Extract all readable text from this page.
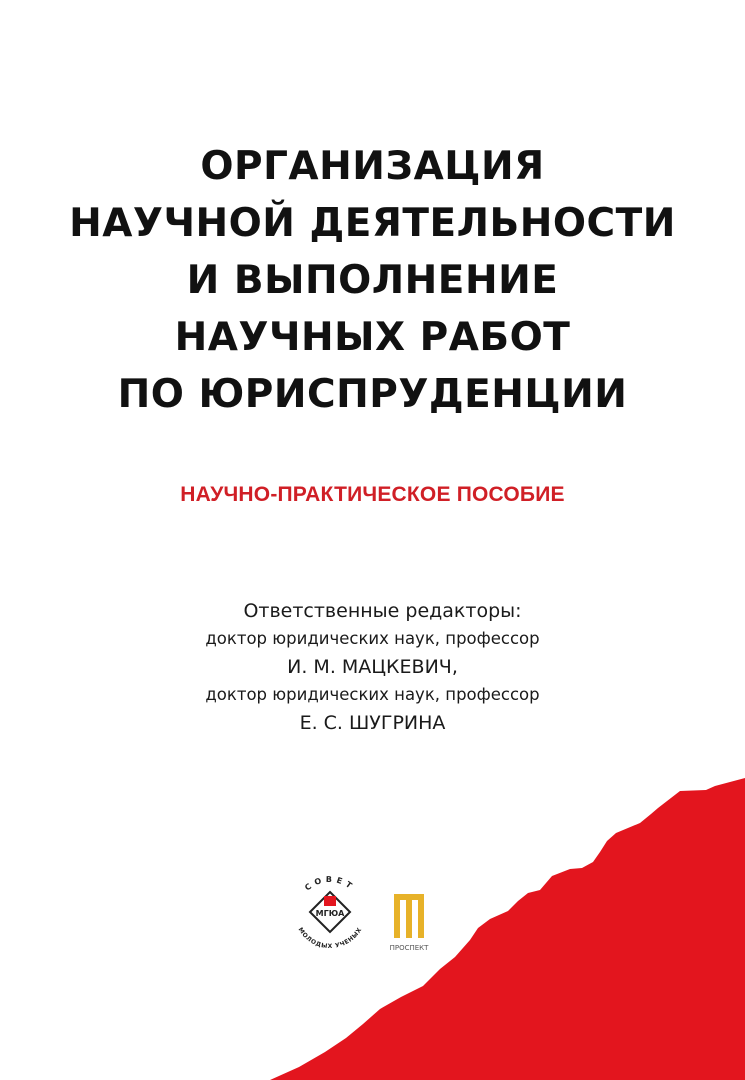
ОРГАНИЗАЦИЯ
НАУЧНОЙ ДЕЯТЕЛЬНОСТИ
И ВЫПОЛНЕНИЕ
НАУЧНЫХ РАБОТ
ПО ЮРИСПРУДЕНЦИИ
НАУЧНО-ПРАКТИЧЕСКОЕ ПОСОБИЕ
Ответственные редакторы:
доктор юридических наук, профессор
И. М. МАЦКЕВИЧ,
доктор юридических наук, профессор
Е. С. ШУГРИНА
СОВЕТ
МОЛОДЫХ УЧЕНЫХ
МГЮА
ПРОСПЕКТ
